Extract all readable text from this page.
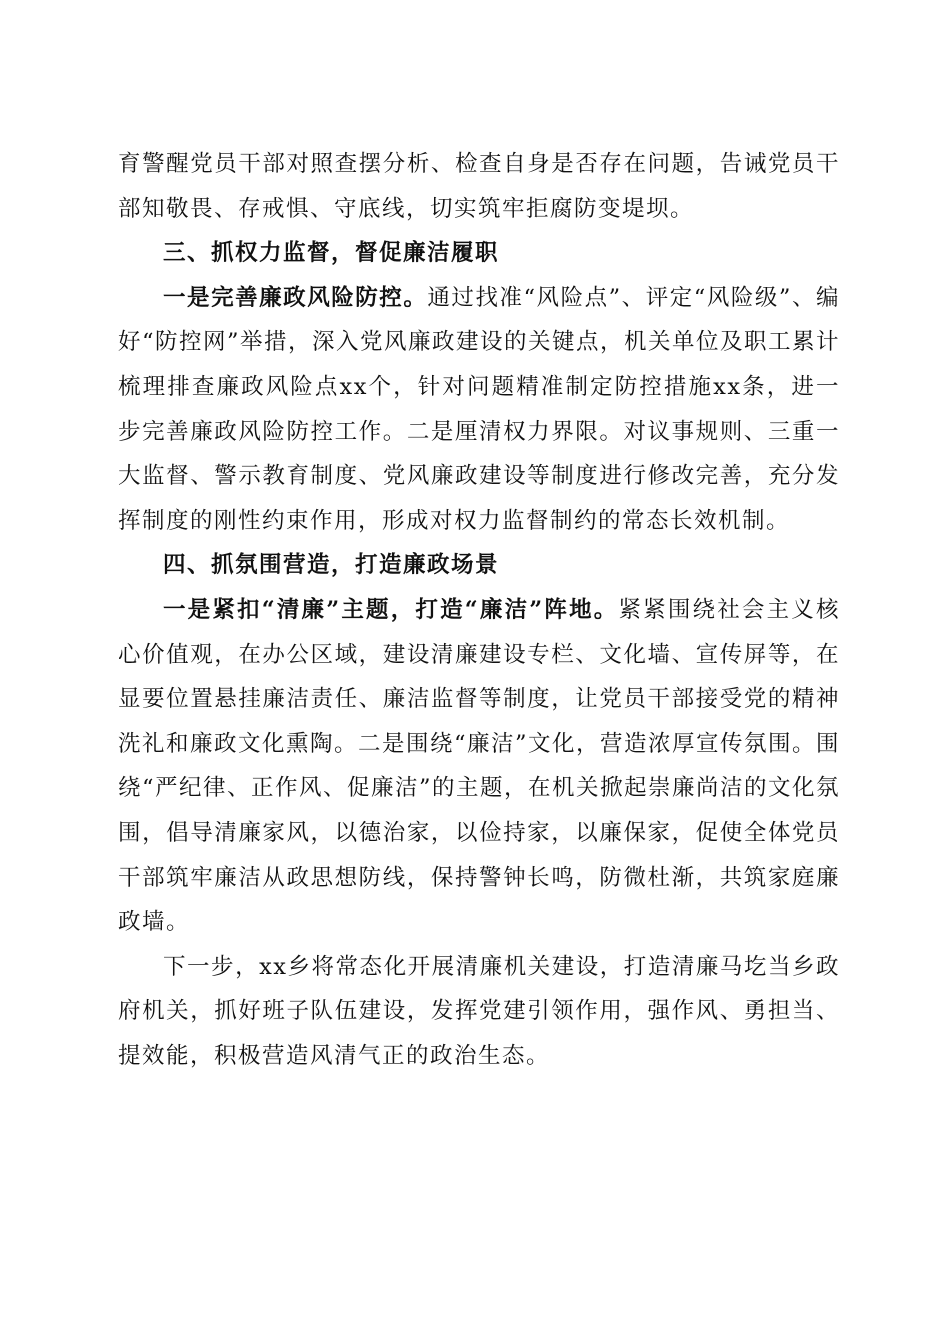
育警醒党员干部对照查摆分析、检查自身是否存在问题，告诫党员干部知敬畏、存戒惧、守底线，切实筑牢拒腐防变堤坝。

三、抓权力监督，督促廉洁履职

一是完善廉政风险防控。通过找准“风险点”、评定“风险级”、编好“防控网”举措，深入党风廉政建设的关键点，机关单位及职工累计梳理排查廉政风险点xx个，针对问题精准制定防控措施xx条，进一步完善廉政风险防控工作。二是厘清权力界限。对议事规则、三重一大监督、警示教育制度、党风廉政建设等制度进行修改完善，充分发挥制度的刚性约束作用，形成对权力监督制约的常态长效机制。

四、抓氛围营造，打造廉政场景

一是紧扣“清廉”主题，打造“廉洁”阵地。紧紧围绕社会主义核心价值观，在办公区域，建设清廉建设专栏、文化墙、宣传屏等，在显要位置悬挂廉洁责任、廉洁监督等制度，让党员干部接受党的精神洗礼和廉政文化熏陶。二是围绕“廉洁”文化，营造浓厚宣传氛围。围绕“严纪律、正作风、促廉洁”的主题，在机关掀起崇廉尚洁的文化氛围，倡导清廉家风，以德治家，以俭持家，以廉保家，促使全体党员干部筑牢廉洁从政思想防线，保持警钟长鸣，防微杜渐，共筑家庭廉政墙。

下一步，xx乡将常态化开展清廉机关建设，打造清廉马圪当乡政府机关，抓好班子队伍建设，发挥党建引领作用，强作风、勇担当、提效能，积极营造风清气正的政治生态。
